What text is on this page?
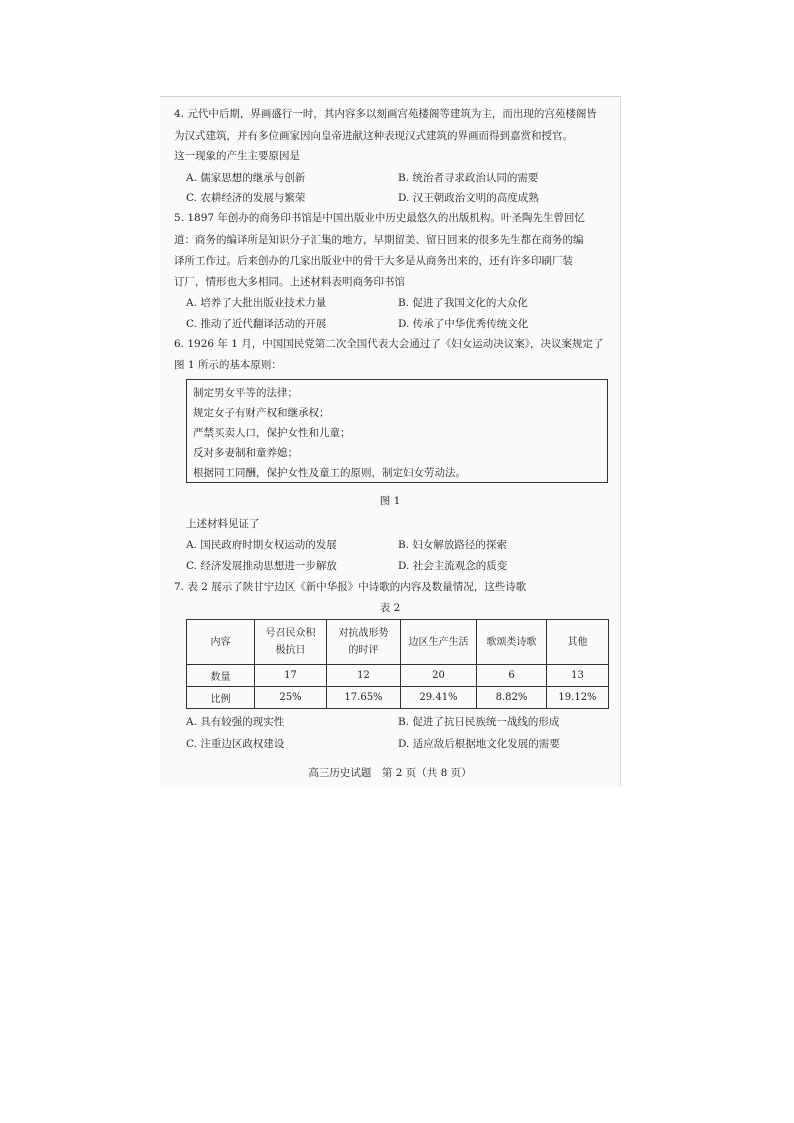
4. 元代中后期，界画盛行一时，其内容多以刻画宫苑楼阁等建筑为主，而出现的宫苑楼阁皆
为汉式建筑，并有多位画家因向皇帝进献这种表现汉式建筑的界画而得到嘉赏和授官。
这一现象的产生主要原因是
A. 儒家思想的继承与创新	B. 统治者寻求政治认同的需要
C. 农耕经济的发展与繁荣	D. 汉王朝政治文明的高度成熟
5. 1897 年创办的商务印书馆是中国出版业中历史最悠久的出版机构。叶圣陶先生曾回忆
道：商务的编译所是知识分子汇集的地方，早期留美、留日回来的很多先生都在商务的编
译所工作过。后来创办的几家出版业中的骨干大多是从商务出来的，还有许多印刷厂装
订厂，情形也大多相同。上述材料表明商务印书馆
A. 培养了大批出版业技术力量	B. 促进了我国文化的大众化
C. 推动了近代翻译活动的开展	D. 传承了中华优秀传统文化
6. 1926 年 1 月，中国国民党第二次全国代表大会通过了《妇女运动决议案》，决议案规定了
图 1 所示的基本原则：
制定男女平等的法律；
规定女子有财产权和继承权；
严禁买卖人口，保护女性和儿童；
反对多妻制和童养媳；
根据同工同酬，保护女性及童工的原则，制定妇女劳动法。
图 1
上述材料见证了
A. 国民政府时期女权运动的发展	B. 妇女解放路径的探索
C. 经济发展推动思想进一步解放	D. 社会主流观念的质变
7. 表 2 展示了陕甘宁边区《新中华报》中诗歌的内容及数量情况，这些诗歌
表 2
内容	号召民众积极抗日	对抗战形势的时评	边区生产生活	歌颂类诗歌	其他
数量	17	12	20	6	13
比例	25%	17.65%	29.41%	8.82%	19.12%
A. 具有较强的现实性	B. 促进了抗日民族统一战线的形成
C. 注重边区政权建设	D. 适应敌后根据地文化发展的需要
高三历史试题　第 2 页（共 8 页）
